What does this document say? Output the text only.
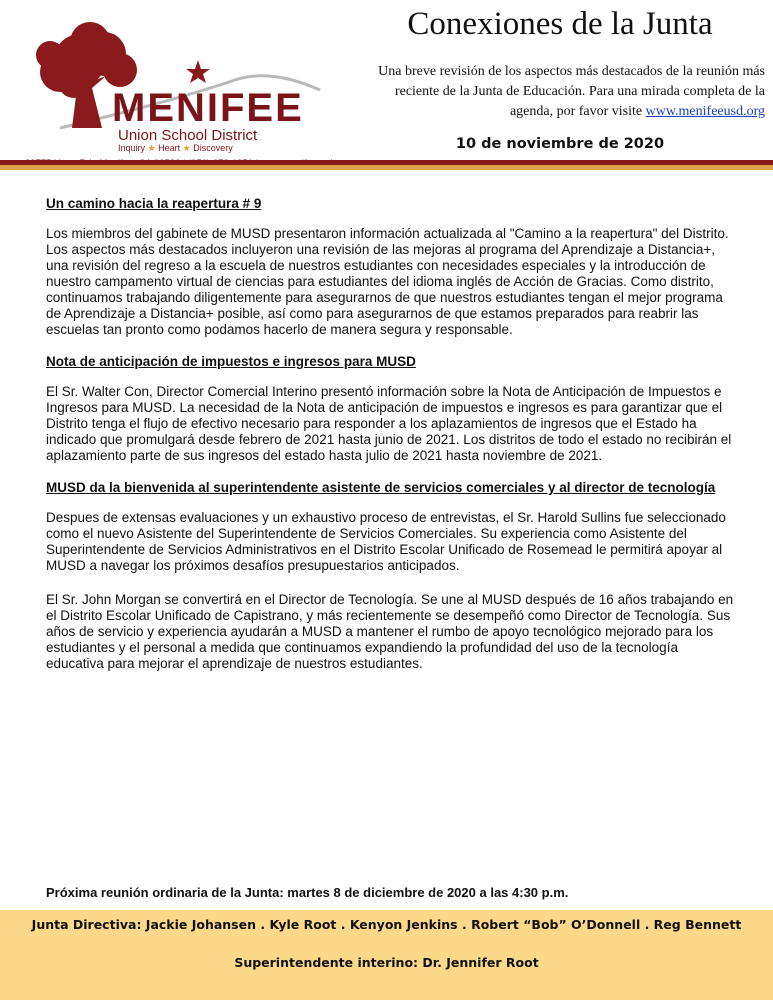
MENIFEE
Union School District
Inquiry ★ Heart ★ Discovery
Conexiones de la Junta
Una breve revisión de los aspectos más destacados de la reunión más reciente de la Junta de Educación. Para una mirada completa de la agenda, por favor visite www.menifeeusd.org
10 de noviembre de 2020
Un camino hacia la reapertura # 9

Los miembros del gabinete de MUSD presentaron información actualizada al "Camino a la reapertura" del Distrito. Los aspectos más destacados incluyeron una revisión de las mejoras al programa del Aprendizaje a Distancia+, una revisión del regreso a la escuela de nuestros estudiantes con necesidades especiales y la introducción de nuestro campamento virtual de ciencias para estudiantes del idioma inglés de Acción de Gracias. Como distrito, continuamos trabajando diligentemente para asegurarnos de que nuestros estudiantes tengan el mejor programa de Aprendizaje a Distancia+ posible, así como para asegurarnos de que estamos preparados para reabrir las escuelas tan pronto como podamos hacerlo de manera segura y responsable.

Nota de anticipación de impuestos e ingresos para MUSD

El Sr. Walter Con, Director Comercial Interino presentó información sobre la Nota de Anticipación de Impuestos e Ingresos para MUSD. La necesidad de la Nota de anticipación de impuestos e ingresos es para garantizar que el Distrito tenga el flujo de efectivo necesario para responder a los aplazamientos de ingresos que el Estado ha indicado que promulgará desde febrero de 2021 hasta junio de 2021. Los distritos de todo el estado no recibirán el aplazamiento parte de sus ingresos del estado hasta julio de 2021 hasta noviembre de 2021.

MUSD da la bienvenida al superintendente asistente de servicios comerciales y al director de tecnología

Despues de extensas evaluaciones y un exhaustivo proceso de entrevistas, el Sr. Harold Sullins fue seleccionado como el nuevo Asistente del Superintendente de Servicios Comerciales. Su experiencia como Asistente del Superintendente de Servicios Administrativos en el Distrito Escolar Unificado de Rosemead le permitirá apoyar al MUSD a navegar los próximos desafíos presupuestarios anticipados.

El Sr. John Morgan se convertirá en el Director de Tecnología. Se une al MUSD después de 16 años trabajando en el Distrito Escolar Unificado de Capistrano, y más recientemente se desempeñó como Director de Tecnología. Sus años de servicio y experiencia ayudarán a MUSD a mantener el rumbo de apoyo tecnológico mejorado para los estudiantes y el personal a medida que continuamos expandiendo la profundidad del uso de la tecnología educativa para mejorar el aprendizaje de nuestros estudiantes.

Próxima reunión ordinaria de la Junta: martes 8 de diciembre de 2020 a las 4:30 p.m.
Junta Directiva: Jackie Johansen . Kyle Root . Kenyon Jenkins . Robert “Bob” O’Donnell . Reg Bennett
Superintendente interino: Dr. Jennifer Root
